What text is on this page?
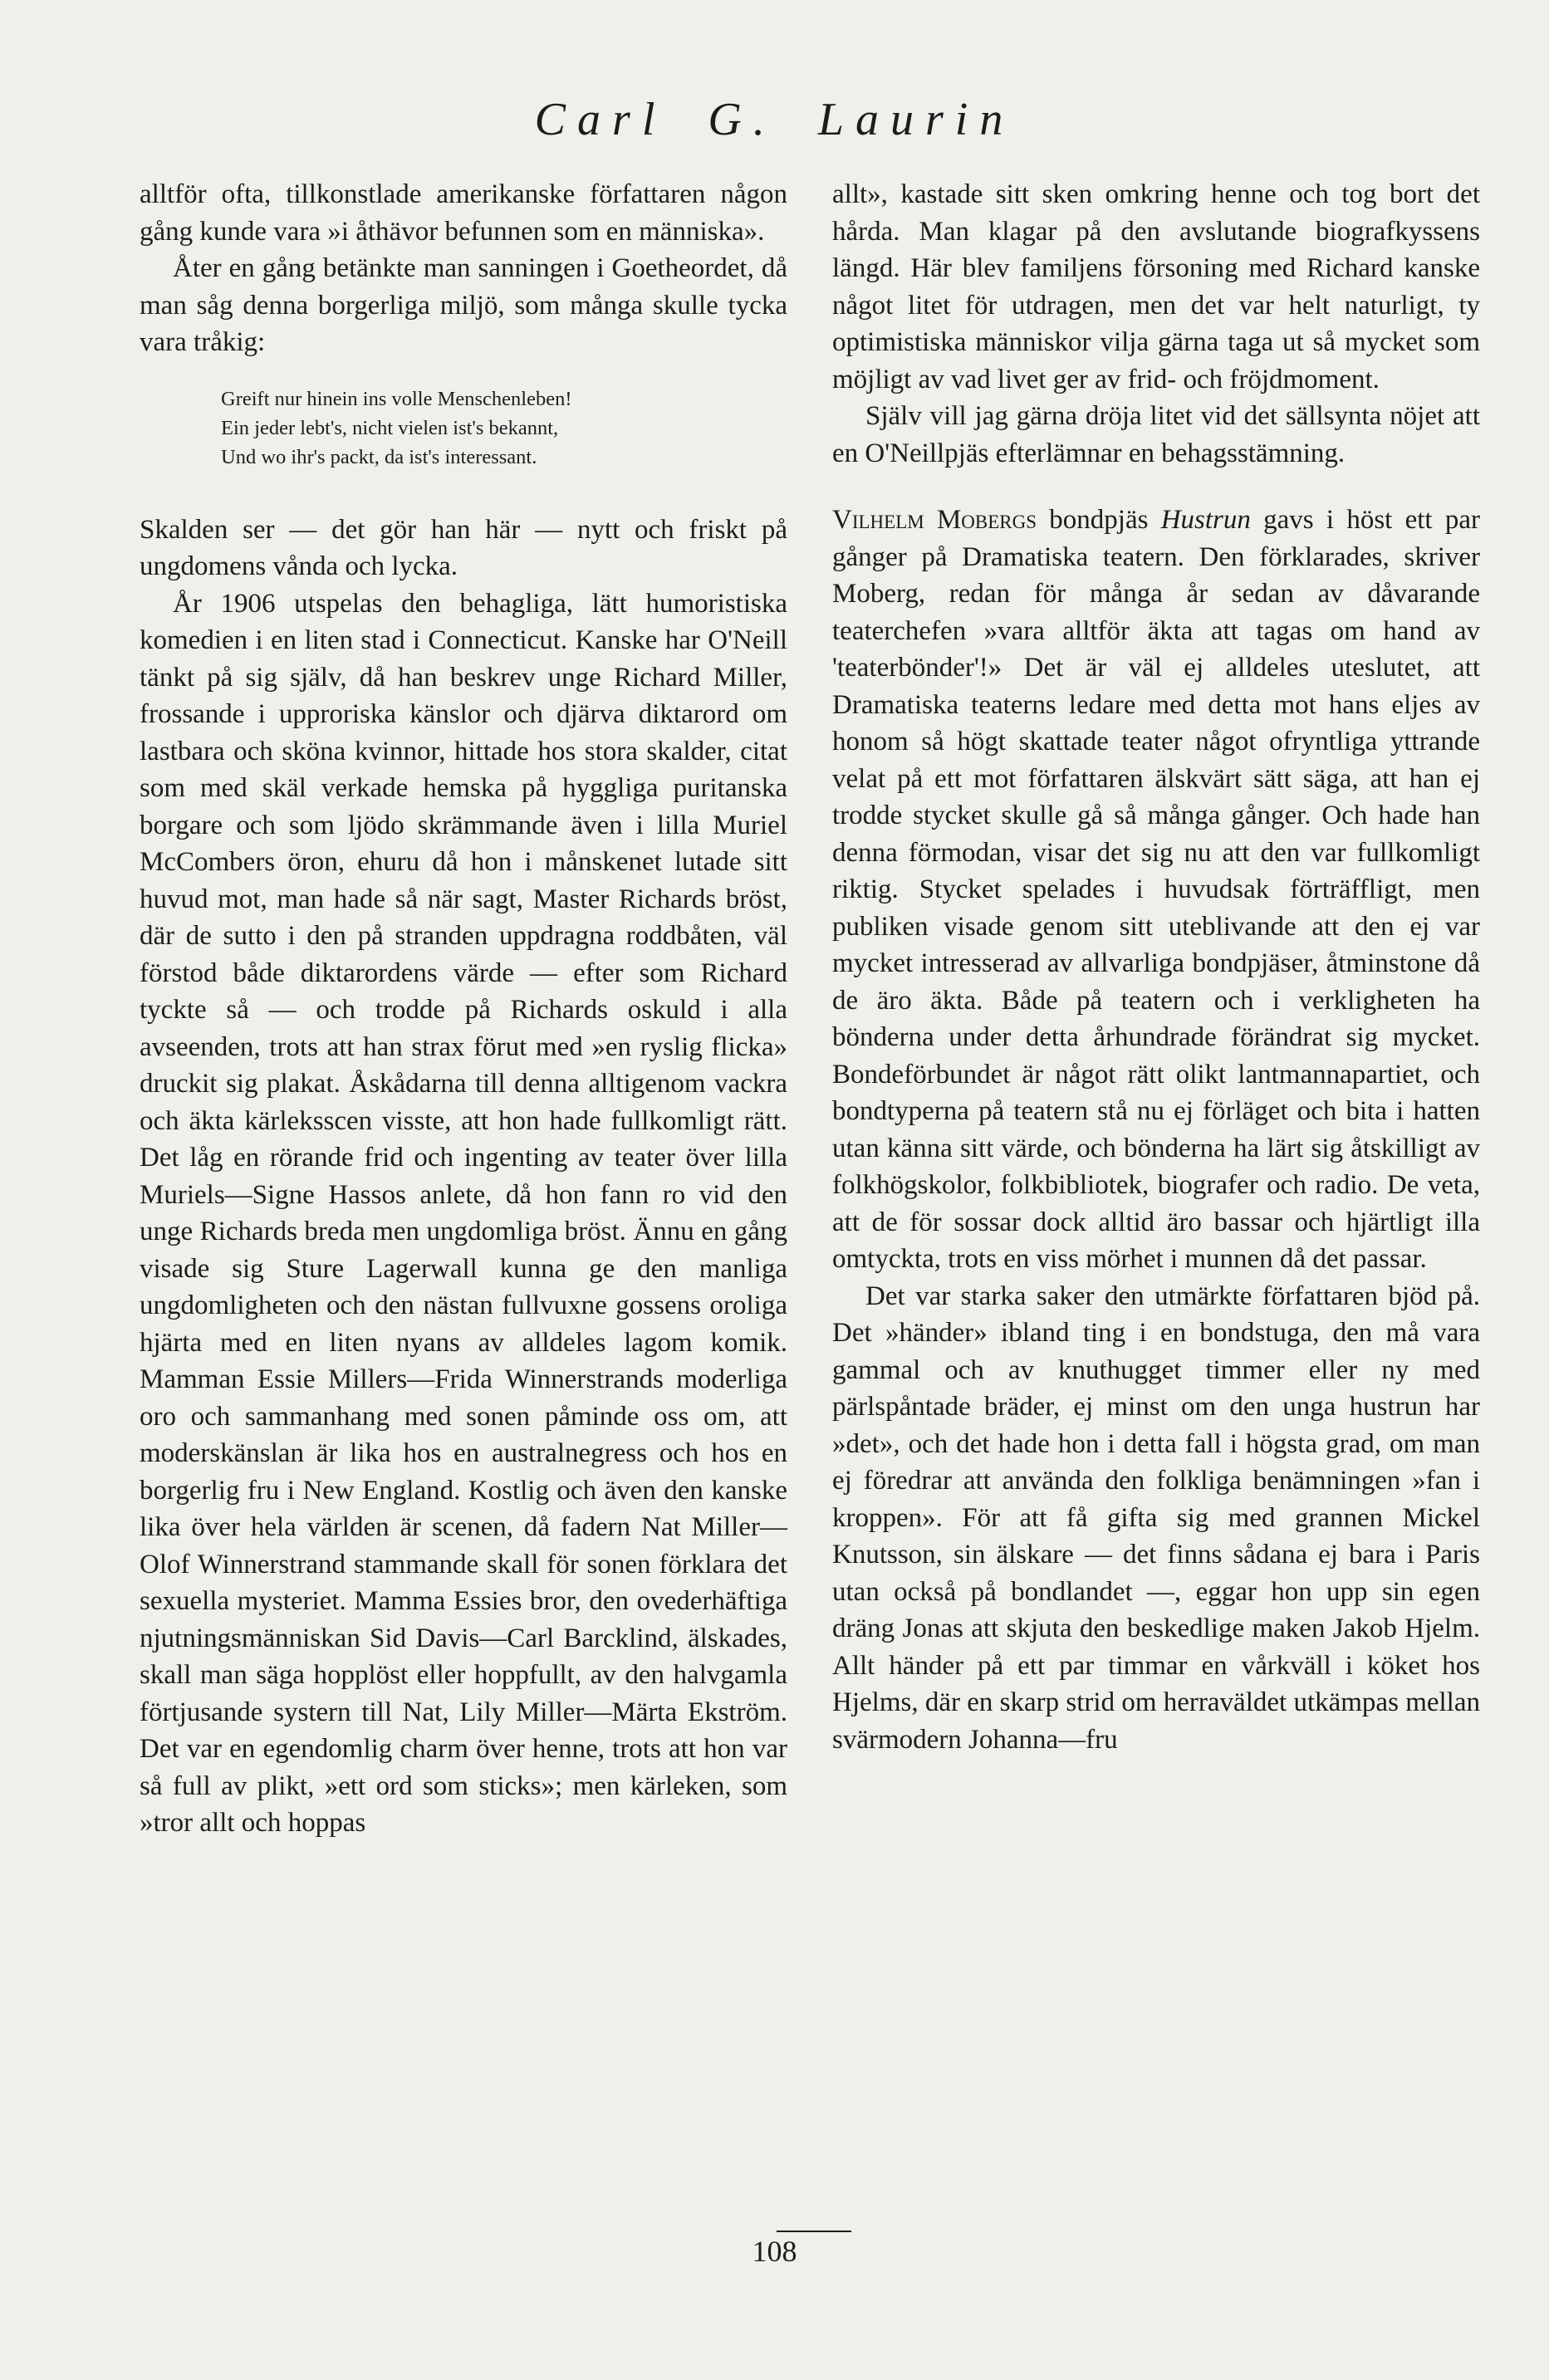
Carl G. Laurin

alltför ofta, tillkonstlade amerikanske författaren någon gång kunde vara »i åthävor befunnen som en människa».

Åter en gång betänkte man sanningen i Goetheordet, då man såg denna borgerliga miljö, som många skulle tycka vara tråkig:

Greift nur hinein ins volle Menschenleben!
Ein jeder lebt's, nicht vielen ist's bekannt,
Und wo ihr's packt, da ist's interessant.

Skalden ser — det gör han här — nytt och friskt på ungdomens vånda och lycka.

År 1906 utspelas den behagliga, lätt humoristiska komedien i en liten stad i Connecticut. Kanske har O'Neill tänkt på sig själv, då han beskrev unge Richard Miller, frossande i upproriska känslor och djärva diktarord om lastbara och sköna kvinnor, hittade hos stora skalder, citat som med skäl verkade hemska på hyggliga puritanska borgare och som ljödo skrämmande även i lilla Muriel McCombers öron, ehuru då hon i månskenet lutade sitt huvud mot, man hade så när sagt, Master Richards bröst, där de sutto i den på stranden uppdragna roddbåten, väl förstod både diktarordens värde — efter som Richard tyckte så — och trodde på Richards oskuld i alla avseenden, trots att han strax förut med »en ryslig flicka» druckit sig plakat. Åskådarna till denna alltigenom vackra och äkta kärleksscen visste, att hon hade fullkomligt rätt. Det låg en rörande frid och ingenting av teater över lilla Muriels—Signe Hassos anlete, då hon fann ro vid den unge Richards breda men ungdomliga bröst. Ännu en gång visade sig Sture Lagerwall kunna ge den manliga ungdomligheten och den nästan fullvuxne gossens oroliga hjärta med en liten nyans av alldeles lagom komik. Mamman Essie Millers—Frida Winnerstrands moderliga oro och sammanhang med sonen påminde oss om, att moderskänslan är lika hos en australnegress och hos en borgerlig fru i New England. Kostlig och även den kanske lika över hela världen är scenen, då fadern Nat Miller—Olof Winnerstrand stammande skall för sonen förklara det sexuella mysteriet. Mamma Essies bror, den ovederhäftiga njutningsmänniskan Sid Davis—Carl Barcklind, älskades, skall man säga hopplöst eller hoppfullt, av den halvgamla förtjusande systern till Nat, Lily Miller—Märta Ekström. Det var en egendomlig charm över henne, trots att hon var så full av plikt, »ett ord som sticks»; men kärleken, som »tror allt och hoppas

allt», kastade sitt sken omkring henne och tog bort det hårda. Man klagar på den avslutande biografkyssens längd. Här blev familjens försoning med Richard kanske något litet för utdragen, men det var helt naturligt, ty optimistiska människor vilja gärna taga ut så mycket som möjligt av vad livet ger av frid- och fröjdmoment.

Själv vill jag gärna dröja litet vid det sällsynta nöjet att en O'Neillpjäs efterlämnar en behagsstämning.

Vilhelm Mobergs bondpjäs Hustrun gavs i höst ett par gånger på Dramatiska teatern. Den förklarades, skriver Moberg, redan för många år sedan av dåvarande teaterchefen »vara alltför äkta att tagas om hand av 'teaterbönder'!» Det är väl ej alldeles uteslutet, att Dramatiska teaterns ledare med detta mot hans eljes av honom så högt skattade teater något ofryntliga yttrande velat på ett mot författaren älskvärt sätt säga, att han ej trodde stycket skulle gå så många gånger. Och hade han denna förmodan, visar det sig nu att den var fullkomligt riktig. Stycket spelades i huvudsak förträffligt, men publiken visade genom sitt uteblivande att den ej var mycket intresserad av allvarliga bondpjäser, åtminstone då de äro äkta. Både på teatern och i verkligheten ha bönderna under detta århundrade förändrat sig mycket. Bondeförbundet är något rätt olikt lantmannapartiet, och bondtyperna på teatern stå nu ej förläget och bita i hatten utan känna sitt värde, och bönderna ha lärt sig åtskilligt av folkhögskolor, folkbibliotek, biografer och radio. De veta, att de för sossar dock alltid äro bassar och hjärtligt illa omtyckta, trots en viss mörhet i munnen då det passar.

Det var starka saker den utmärkte författaren bjöd på. Det »händer» ibland ting i en bondstuga, den må vara gammal och av knuthugget timmer eller ny med pärlspåntade bräder, ej minst om den unga hustrun har »det», och det hade hon i detta fall i högsta grad, om man ej föredrar att använda den folkliga benämningen »fan i kroppen». För att få gifta sig med grannen Mickel Knutsson, sin älskare — det finns sådana ej bara i Paris utan också på bondlandet —, eggar hon upp sin egen dräng Jonas att skjuta den beskedlige maken Jakob Hjelm. Allt händer på ett par timmar en vårkväll i köket hos Hjelms, där en skarp strid om herraväldet utkämpas mellan svärmodern Johanna—fru

108
